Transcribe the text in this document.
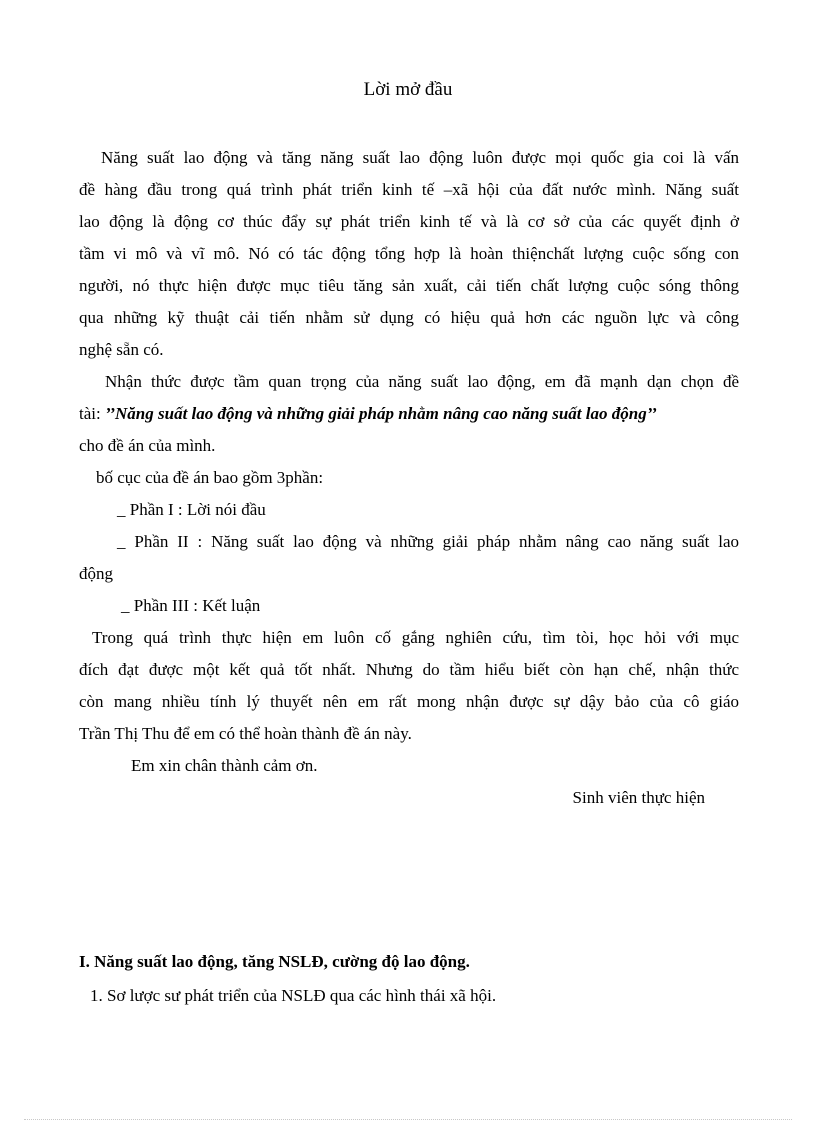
Lời mở đầu

Năng suất lao động và tăng năng suất lao động luôn được mọi quốc gia coi là vấn

đề hàng đầu trong quá trình phát triển kinh tế –xã hội của đất nước mình. Năng suất

lao động là động cơ thúc đẩy sự phát triển kinh tế và là cơ sở của các quyết định ở

tầm vi mô và vĩ mô. Nó có tác động tổng hợp là hoàn thiệnchất lượng cuộc sống con

người, nó thực hiện được mục tiêu tăng sản xuất, cải tiến chất lượng cuộc sóng thông

qua những kỹ thuật cải tiến nhằm sử dụng có hiệu quả hơn các nguồn lực và công

nghệ sẵn có.

Nhận thức được tầm quan trọng của năng suất lao động, em đã mạnh dạn chọn đề

tài: ’’Năng suất lao động và những giải pháp nhằm nâng cao năng suất lao động’’

cho đề án của mình.

bố cục của đề án bao gồm 3phần:

_ Phần I : Lời nói đầu

_ Phần II : Năng suất lao động và những giải pháp nhằm nâng cao năng suất lao

động

_ Phần III : Kết luận

Trong quá trình thực hiện em luôn cố gắng nghiên cứu, tìm tòi, học hỏi với mục

đích đạt được một kết quả tốt nhất. Nhưng do tầm hiểu biết còn hạn chế, nhận thức

còn mang nhiều tính lý thuyết nên em rất mong nhận được sự dậy bảo của cô giáo

Trần Thị Thu để em có thể hoàn thành đề án này.

Em xin chân thành cảm ơn.

Sinh viên thực hiện

I. Năng suất lao động, tăng NSLĐ, cường độ lao động.
1. Sơ lược sư phát triển của NSLĐ qua các hình thái xã hội.
